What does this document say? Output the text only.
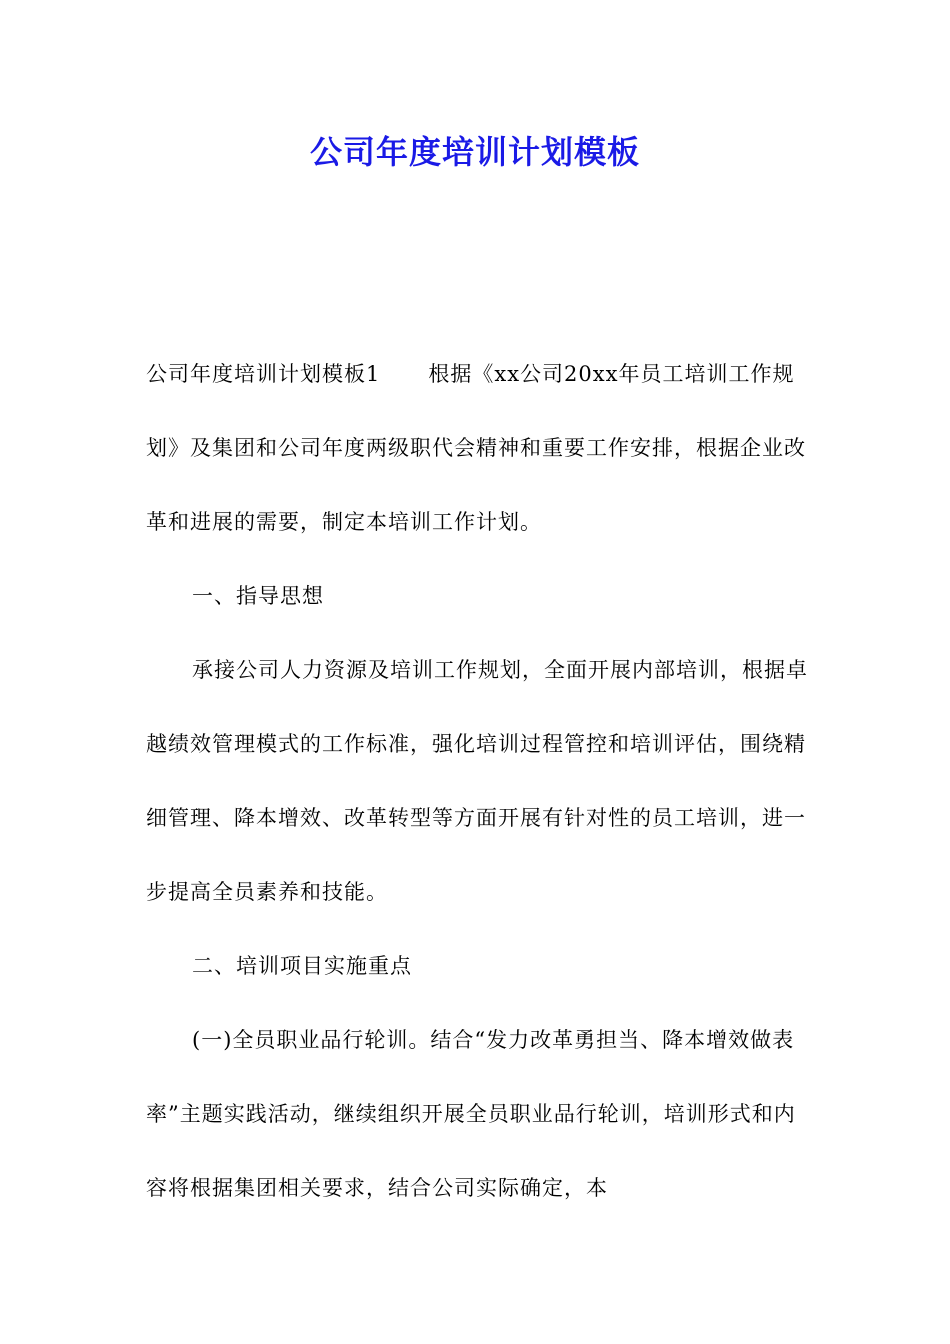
公司年度培训计划模板

公司年度培训计划模板1 根据《xx公司20xx年员工培训工作规划》及集团和公司年度两级职代会精神和重要工作安排，根据企业改革和进展的需要，制定本培训工作计划。

一、指导思想

承接公司人力资源及培训工作规划，全面开展内部培训，根据卓越绩效管理模式的工作标准，强化培训过程管控和培训评估，围绕精细管理、降本增效、改革转型等方面开展有针对性的员工培训，进一步提高全员素养和技能。

二、培训项目实施重点

(一)全员职业品行轮训。结合“发力改革勇担当、降本增效做表率”主题实践活动，继续组织开展全员职业品行轮训，培训形式和内容将根据集团相关要求，结合公司实际确定，本
